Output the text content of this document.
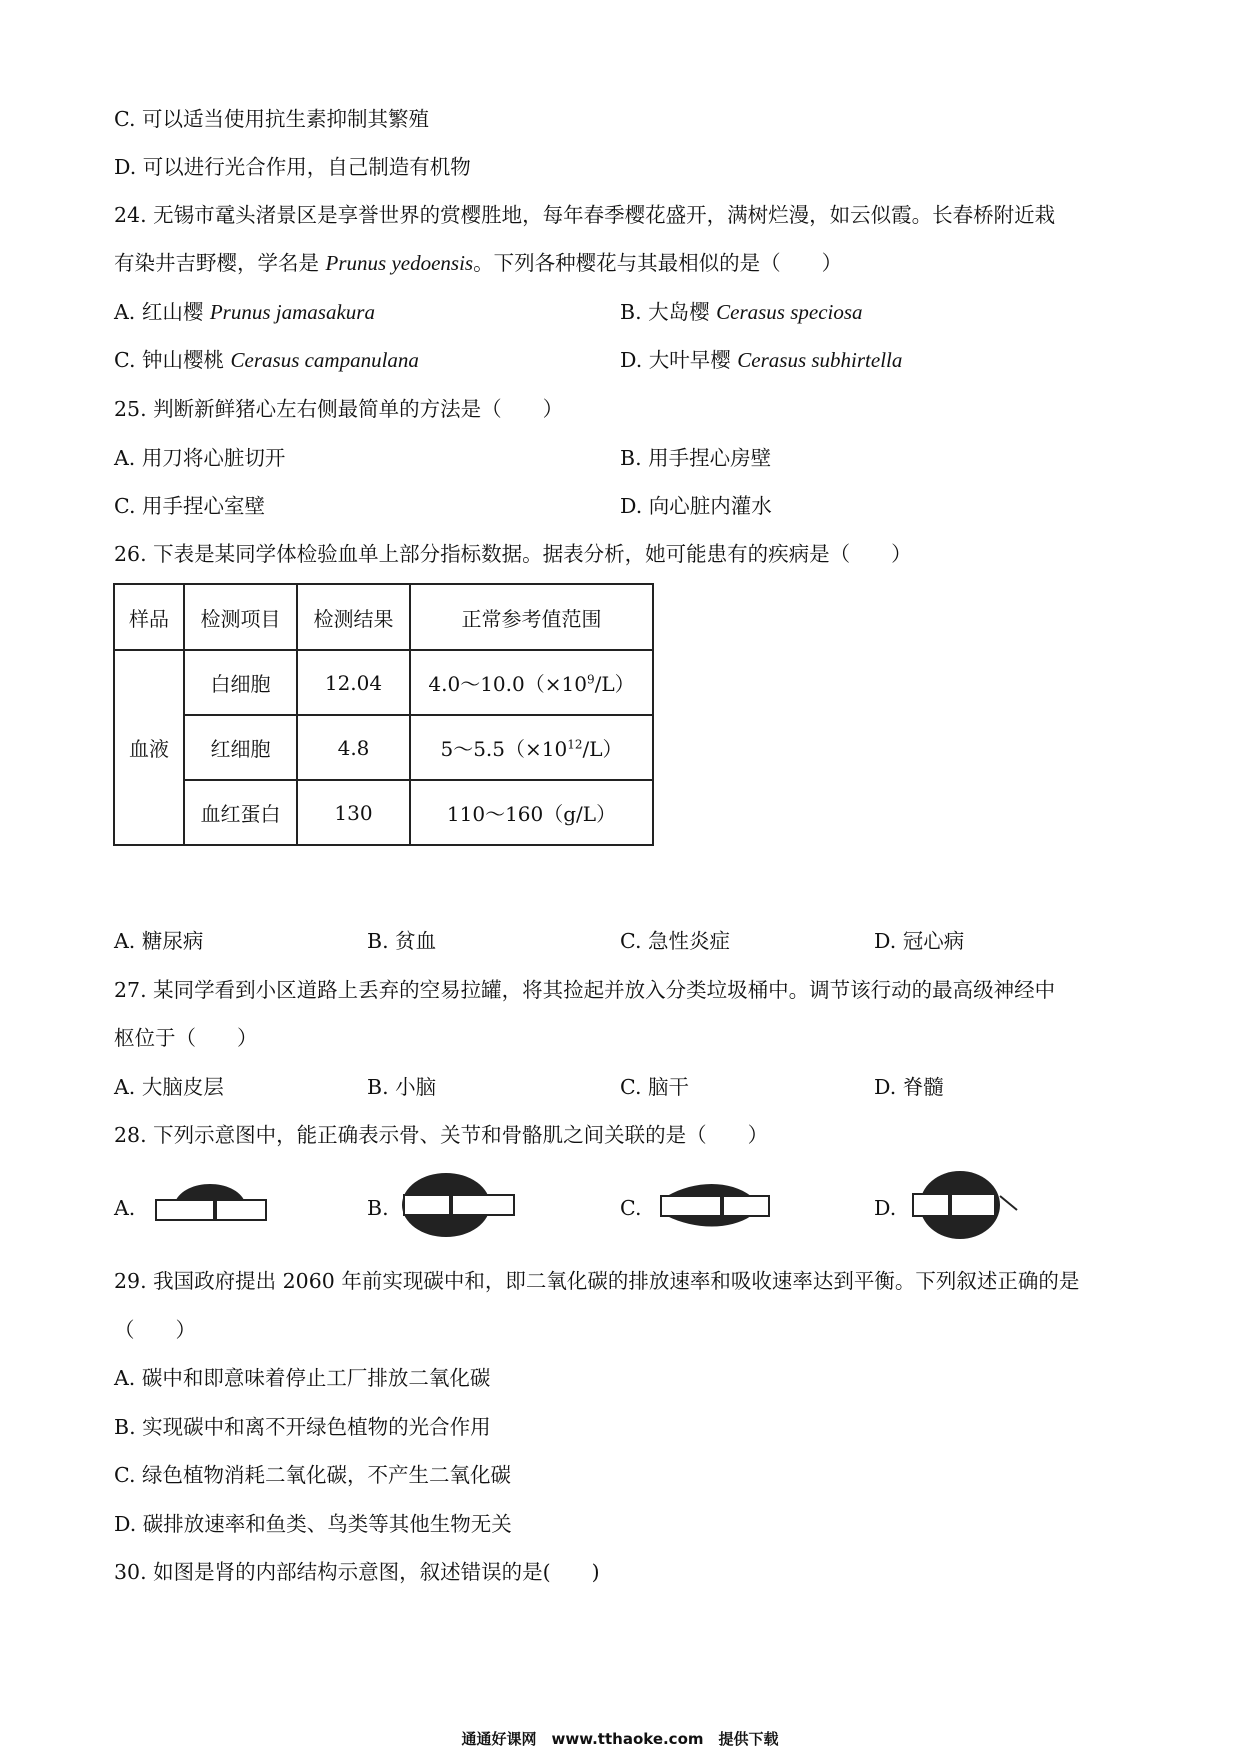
C. 可以适当使用抗生素抑制其繁殖
D. 可以进行光合作用，自己制造有机物
24. 无锡市鼋头渚景区是享誉世界的赏樱胜地，每年春季樱花盛开，满树烂漫，如云似霞。长春桥附近栽
有染井吉野樱，学名是 Prunus yedoensis。下列各种樱花与其最相似的是（　　）
A. 红山樱 Prunus jamasakura	B. 大岛樱 Cerasus speciosa
C. 钟山樱桃 Cerasus campanulana	D. 大叶早樱 Cerasus subhirtella
25. 判断新鲜猪心左右侧最简单的方法是（　　）
A. 用刀将心脏切开	B. 用手捏心房壁
C. 用手捏心室壁	D. 向心脏内灌水
26. 下表是某同学体检验血单上部分指标数据。据表分析，她可能患有的疾病是（　　）
样品	检测项目	检测结果	正常参考值范围
血液	白细胞	12.04	$4.0\sim 10.0(\times 10^9/L)$
	红细胞	4.8	$5\sim 5.5(\times 10^{12}/L)$
	血红蛋白	130	110～160（g/L）
A. 糖尿病	B. 贫血	C. 急性炎症	D. 冠心病
27. 某同学看到小区道路上丢弃的空易拉罐，将其捡起并放入分类垃圾桶中。调节该行动的最高级神经中
枢位于（　　）
A. 大脑皮层	B. 小脑	C. 脑干	D. 脊髓
28. 下列示意图中，能正确表示骨、关节和骨骼肌之间关联的是（　　）
A.	B.	C.	D.
29. 我国政府提出 2060 年前实现碳中和，即二氧化碳的排放速率和吸收速率达到平衡。下列叙述正确的是
（　　）
A. 碳中和即意味着停止工厂排放二氧化碳
B. 实现碳中和离不开绿色植物的光合作用
C. 绿色植物消耗二氧化碳，不产生二氧化碳
D. 碳排放速率和鱼类、鸟类等其他生物无关
30. 如图是肾的内部结构示意图，叙述错误的是(　　)
通通好课网　www.tthaoke.com　提供下载
